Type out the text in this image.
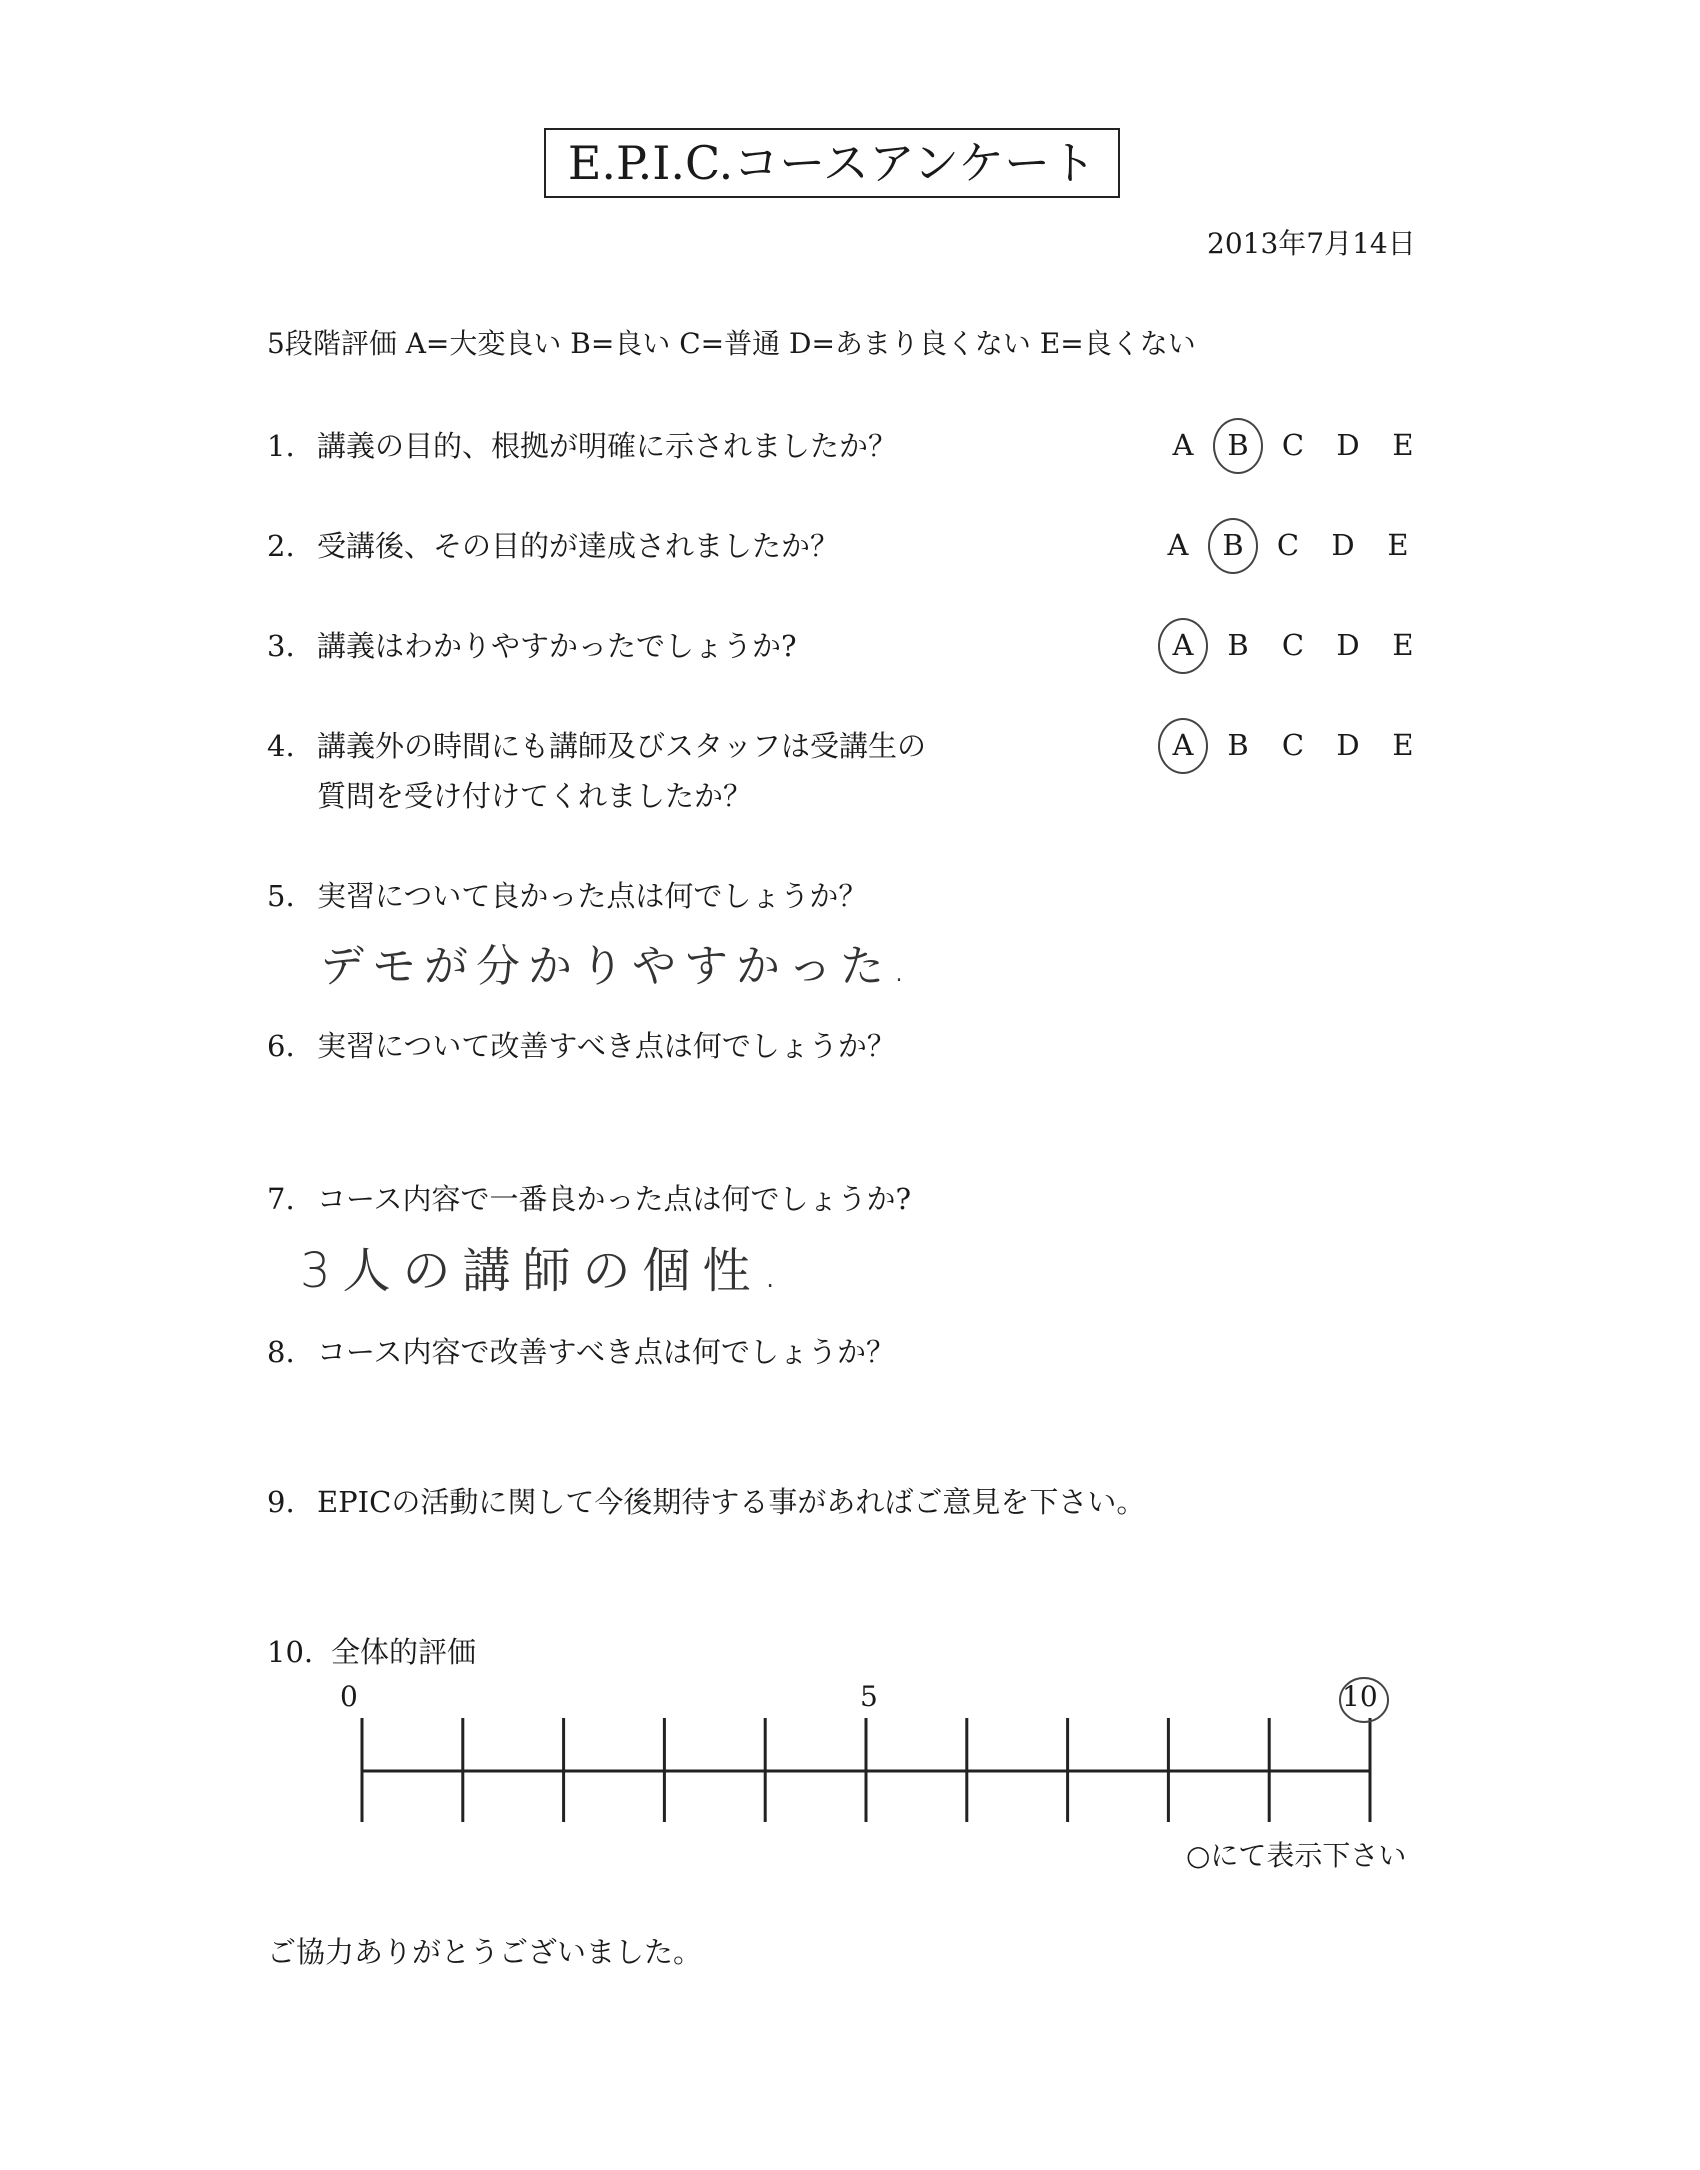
E.P.I.C.コースアンケート
2013年7月14日
5段階評価 A=大変良い B=良い C=普通 D=あまり良くない E=良くない
1. 講義の目的、根拠が明確に示されましたか？	A B C D E
2. 受講後、その目的が達成されましたか？	A B C D E
3. 講義はわかりやすかったでしょうか?	A B C D E
4. 講義外の時間にも講師及びスタッフは受講生の
質問を受け付けてくれましたか？
A B C D E
5. 実習について良かった点は何でしょうか？
デモが分かりやすかった.
6. 実習について改善すべき点は何でしょうか？
7. コース内容で一番良かった点は何でしょうか?
3人の講師の個性.
8. コース内容で改善すべき点は何でしょうか？
9. EPICの活動に関して今後期待する事があればご意見を下さい。
10. 全体的評価
0	5	10
○にて表示下さい
ご協力ありがとうございました。
